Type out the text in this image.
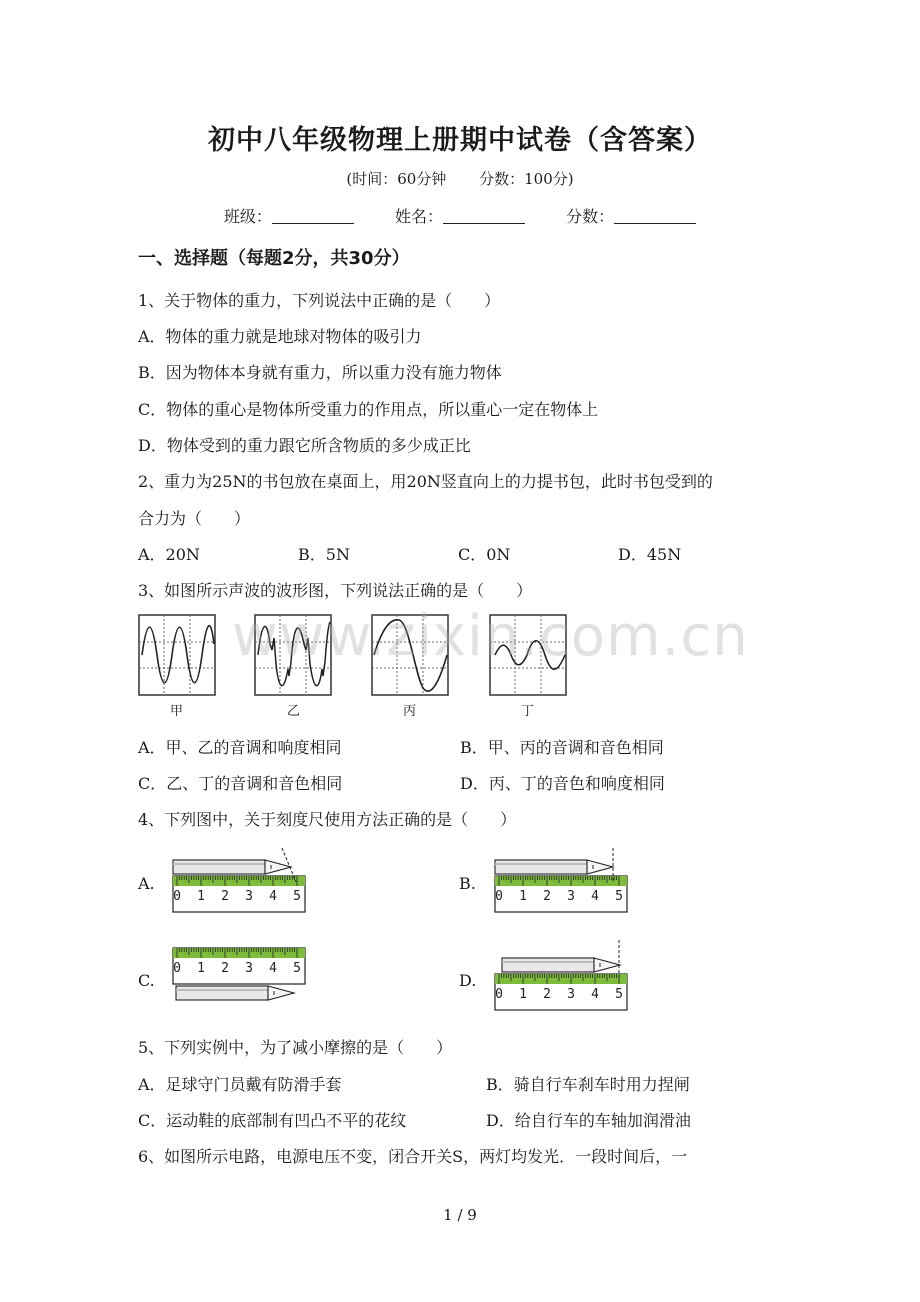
初中八年级物理上册期中试卷（含答案）
(时间：60分钟 分数：100分)
班级：	姓名：	分数：
一、选择题（每题2分，共30分）
1、关于物体的重力，下列说法中正确的是（　　）
A．物体的重力就是地球对物体的吸引力
B．因为物体本身就有重力，所以重力没有施力物体
C．物体的重心是物体所受重力的作用点，所以重心一定在物体上
D．物体受到的重力跟它所含物质的多少成正比
2、重力为25N的书包放在桌面上，用20N竖直向上的力提书包，此时书包受到的
合力为（　　）
A．20N	B．5N	C．0N	D．45N
3、如图所示声波的波形图，下列说法正确的是（　　）
甲	乙	丙	丁
A．甲、乙的音调和响度相同	B．甲、丙的音调和音色相同
C．乙、丁的音调和音色相同	D．丙、丁的音色和响度相同
4、下列图中，关于刻度尺使用方法正确的是（　　）
A.	B.
C.	D.
0 1 2 3 4 5	0 1 2 3 4 5
0 1 2 3 4 5
0 1 2 3 4 5
5、下列实例中，为了减小摩擦的是（　　）
A．足球守门员戴有防滑手套	B．骑自行车刹车时用力捏闸
C．运动鞋的底部制有凹凸不平的花纹	D．给自行车的车轴加润滑油
6、如图所示电路，电源电压不变，闭合开关S，两灯均发光．一段时间后，一
www.zixin.com.cn
1 / 9
